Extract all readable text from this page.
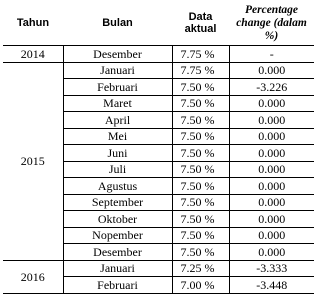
Tahun	Bulan	Data aktual	Percentage change (dalam %)
2014	Desember	7.75 %	-
2015	Januari	7.75 %	0.000
	Februari	7.50 %	-3.226
	Maret	7.50 %	0.000
	April	7.50 %	0.000
	Mei	7.50 %	0.000
	Juni	7.50 %	0.000
	Juli	7.50 %	0.000
	Agustus	7.50 %	0.000
	September	7.50 %	0.000
	Oktober	7.50 %	0.000
	Nopember	7.50 %	0.000
	Desember	7.50 %	0.000
2016	Januari	7.25 %	-3.333
	Februari	7.00 %	-3.448
